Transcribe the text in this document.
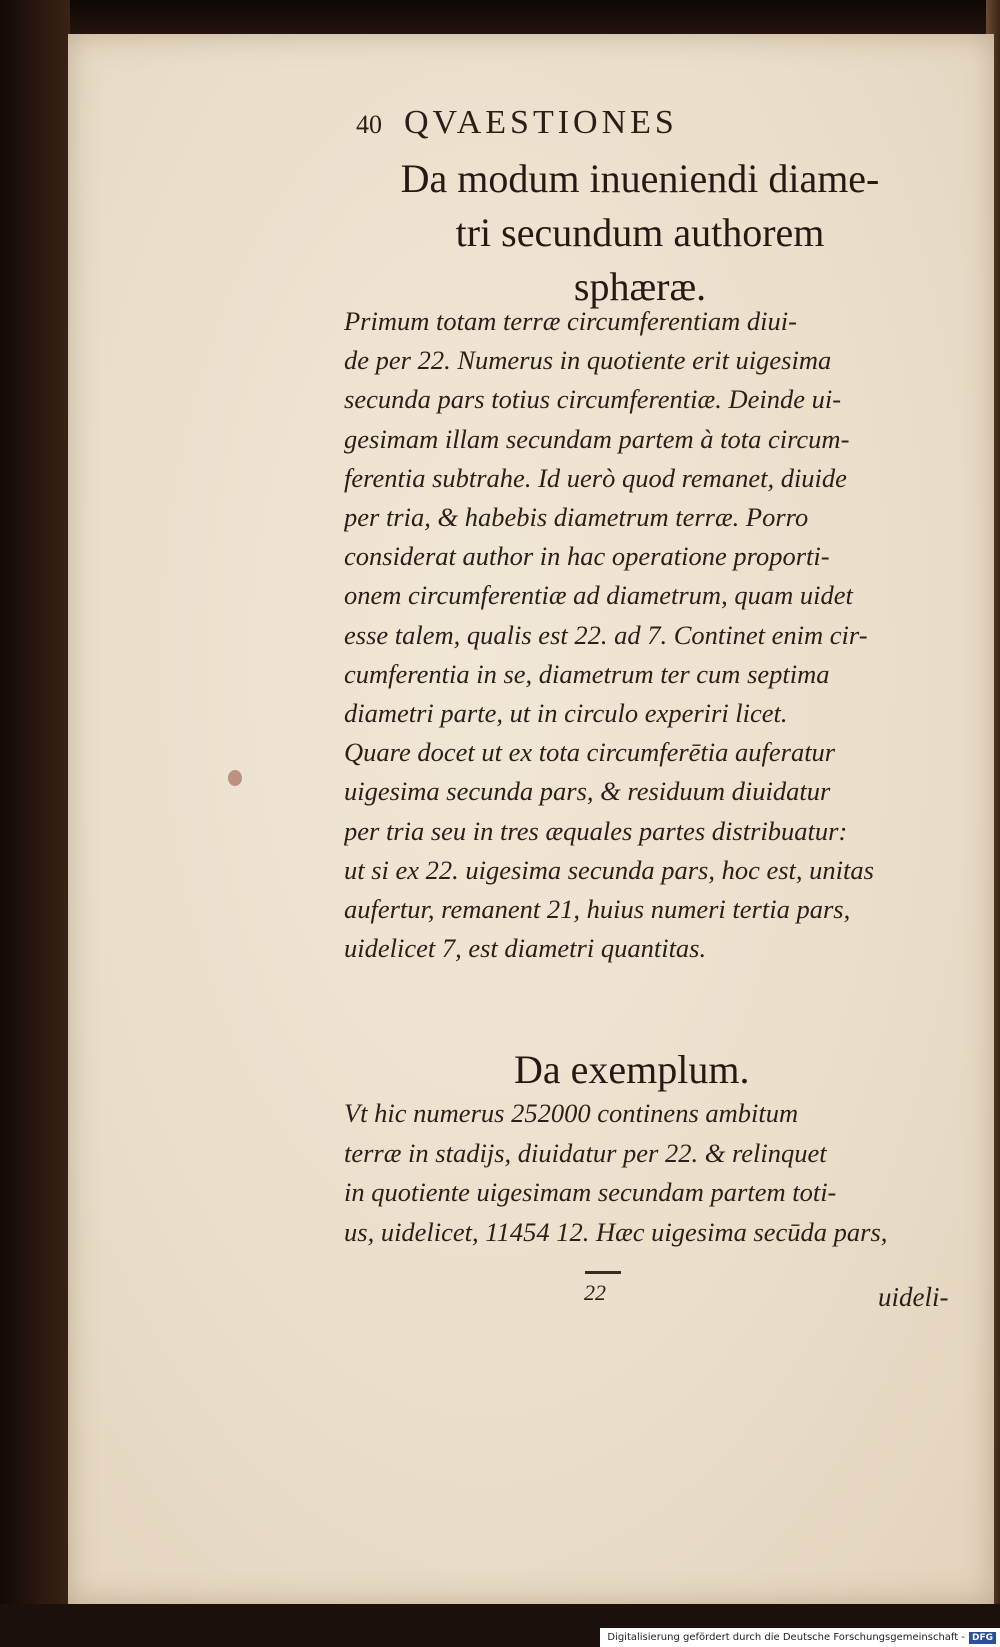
40 QVAESTIONES
Da modum inueniendi diame-
tri secundum authorem
sphæræ.
Primum totam terræ circumferentiam diui-
de per 22. Numerus in quotiente erit uigesima
secunda pars totius circumferentiæ. Deinde ui-
gesimam illam secundam partem à tota circum-
ferentia subtrahe. Id uerò quod remanet, diuide
per tria, & habebis diametrum terræ. Porro
considerat author in hac operatione proporti-
onem circumferentiæ ad diametrum, quam uidet
esse talem, qualis est 22. ad 7. Continet enim cir-
cumferentia in se, diametrum ter cum septima
diametri parte, ut in circulo experiri licet.
Quare docet ut ex tota circumferētia auferatur
uigesima secunda pars, & residuum diuidatur
per tria seu in tres æquales partes distribuatur:
ut si ex 22. uigesima secunda pars, hoc est, unitas
aufertur, remanent 21, huius numeri tertia pars,
uidelicet 7, est diametri quantitas.
Da exemplum.
Vt hic numerus 252000 continens ambitum
terræ in stadijs, diuidatur per 22. & relinquet
in quotiente uigesimam secundam partem toti-
us, uidelicet, 11454 12. Hæc uigesima secūda pars,
22	uideli-
Digitalisierung gefördert durch die Deutsche Forschungsgemeinschaft - DFG
